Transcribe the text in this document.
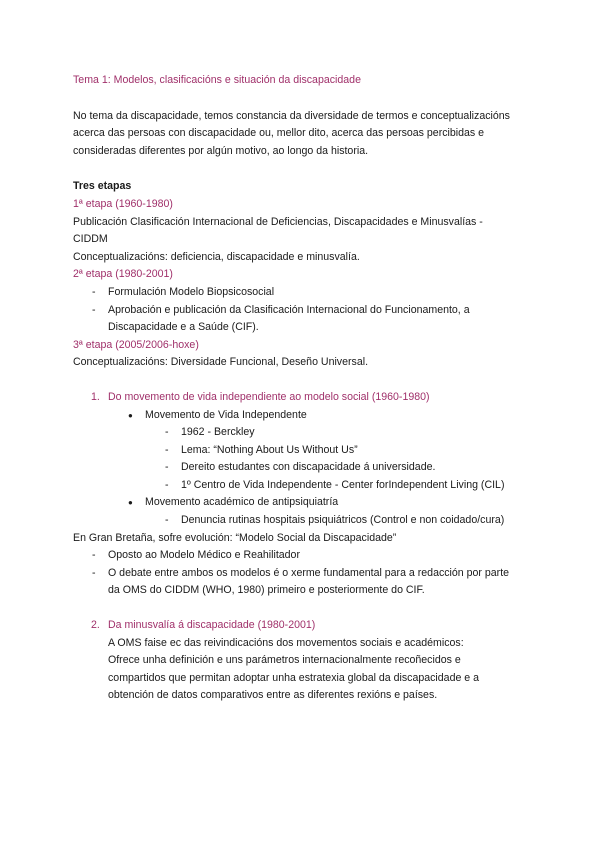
Tema 1: Modelos, clasificacións e situación da discapacidade
No tema da discapacidade, temos constancia da diversidade de termos e conceptualizacións
acerca das persoas con discapacidade ou, mellor dito, acerca das persoas percibidas e
consideradas diferentes por algún motivo, ao longo da historia.
Tres etapas
1ª etapa (1960-1980)
Publicación Clasificación Internacional de Deficiencias, Discapacidades e Minusvalías -
CIDDM
Conceptualizacións: deficiencia, discapacidade e minusvalía.
2ª etapa (1980-2001)
- Formulación Modelo Biopsicosocial
- Aprobación e publicación da Clasificación Internacional do Funcionamento, a
Discapacidade e a Saúde (CIF).
3ª etapa (2005/2006-hoxe)
Conceptualizacións: Diversidade Funcional, Deseño Universal.
1. Do movemento de vida independiente ao modelo social (1960-1980)
● Movemento de Vida Independente
- 1962 - Berckley
- Lema: “Nothing About Us Without Us”
- Dereito estudantes con discapacidade á universidade.
- 1º Centro de Vida Independente - Center forIndependent Living (CIL)
● Movemento académico de antipsiquiatría
- Denuncia rutinas hospitais psiquiátricos (Control e non coidado/cura)
En Gran Bretaña, sofre evolución: “Modelo Social da Discapacidade”
- Oposto ao Modelo Médico e Reahilitador
- O debate entre ambos os modelos é o xerme fundamental para a redacción por parte
da OMS do CIDDM (WHO, 1980) primeiro e posteriormente do CIF.
2. Da minusvalía á discapacidade (1980-2001)
A OMS faise ec das reivindicacións dos movementos sociais e académicos:
Ofrece unha definición e uns parámetros internacionalmente recoñecidos e
compartidos que permitan adoptar unha estratexia global da discapacidade e a
obtención de datos comparativos entre as diferentes rexións e países.
